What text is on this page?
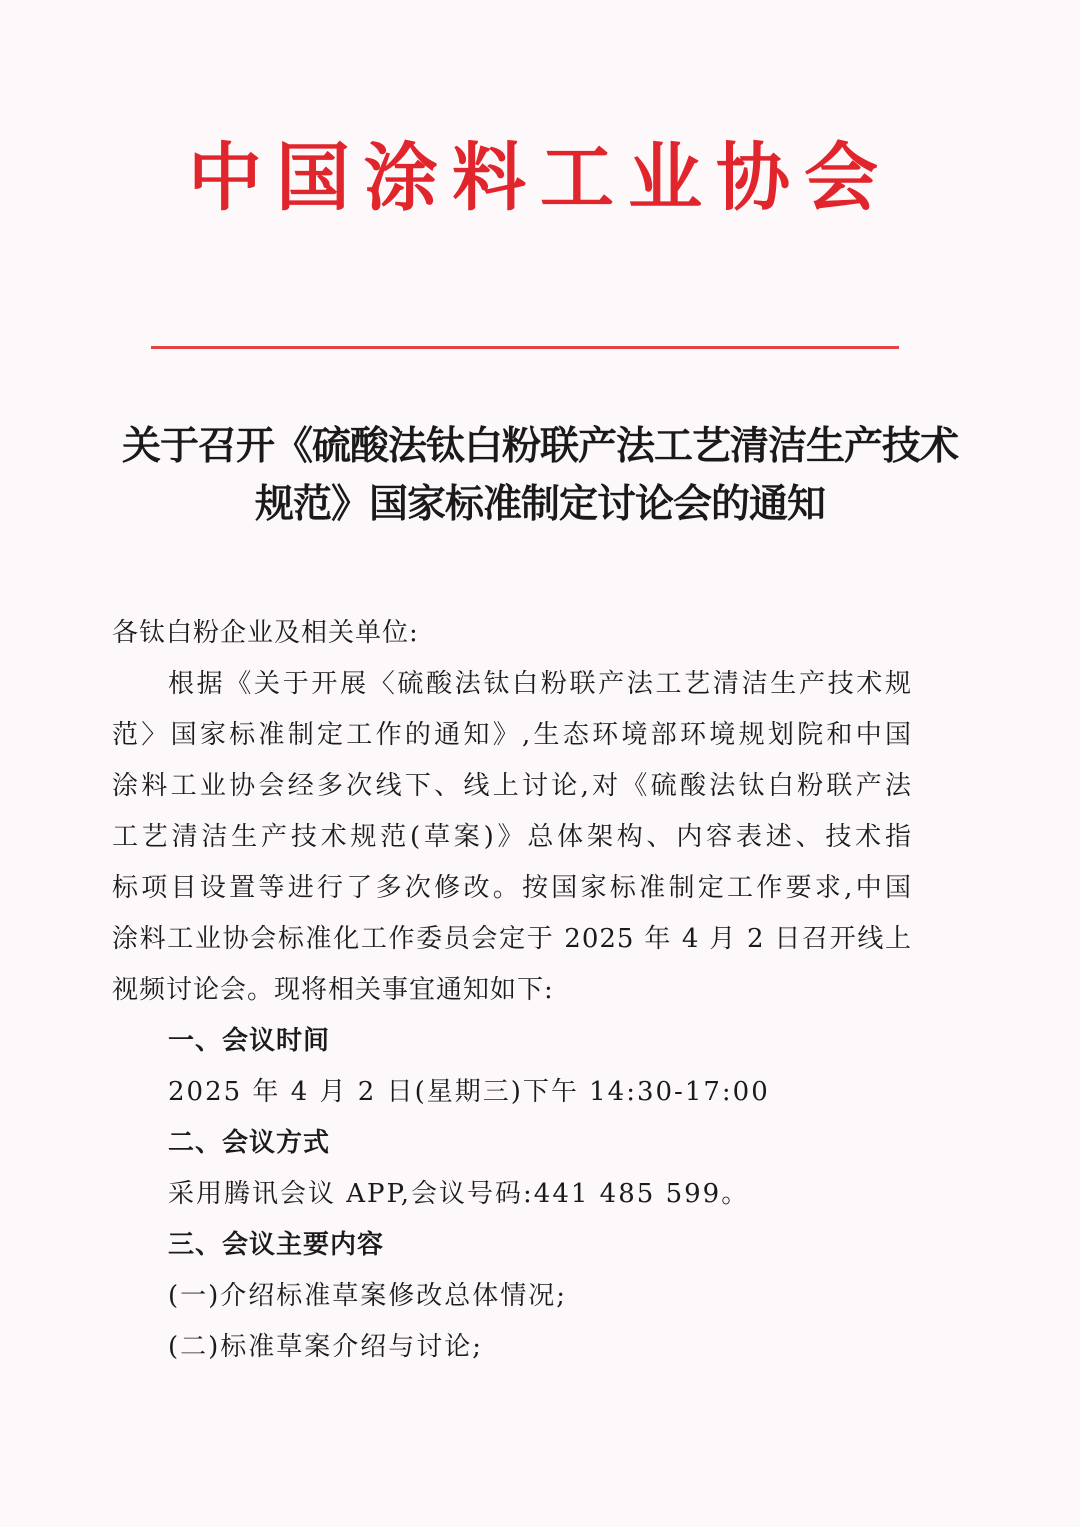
中国涂料工业协会
关于召开《硫酸法钛白粉联产法工艺清洁生产技术
规范》国家标准制定讨论会的通知
各钛白粉企业及相关单位:
根据《关于开展〈硫酸法钛白粉联产法工艺清洁生产技术规
范〉国家标准制定工作的通知》,生态环境部环境规划院和中国
涂料工业协会经多次线下、线上讨论,对《硫酸法钛白粉联产法
工艺清洁生产技术规范(草案)》总体架构、内容表述、技术指
标项目设置等进行了多次修改。按国家标准制定工作要求,中国
涂料工业协会标准化工作委员会定于 2025 年 4 月 2 日召开线上
视频讨论会。现将相关事宜通知如下:
一、会议时间
2025 年 4 月 2 日(星期三)下午 14:30-17:00
二、会议方式
采用腾讯会议 APP,会议号码:441 485 599。
三、会议主要内容
(一)介绍标准草案修改总体情况;
(二)标准草案介绍与讨论;
